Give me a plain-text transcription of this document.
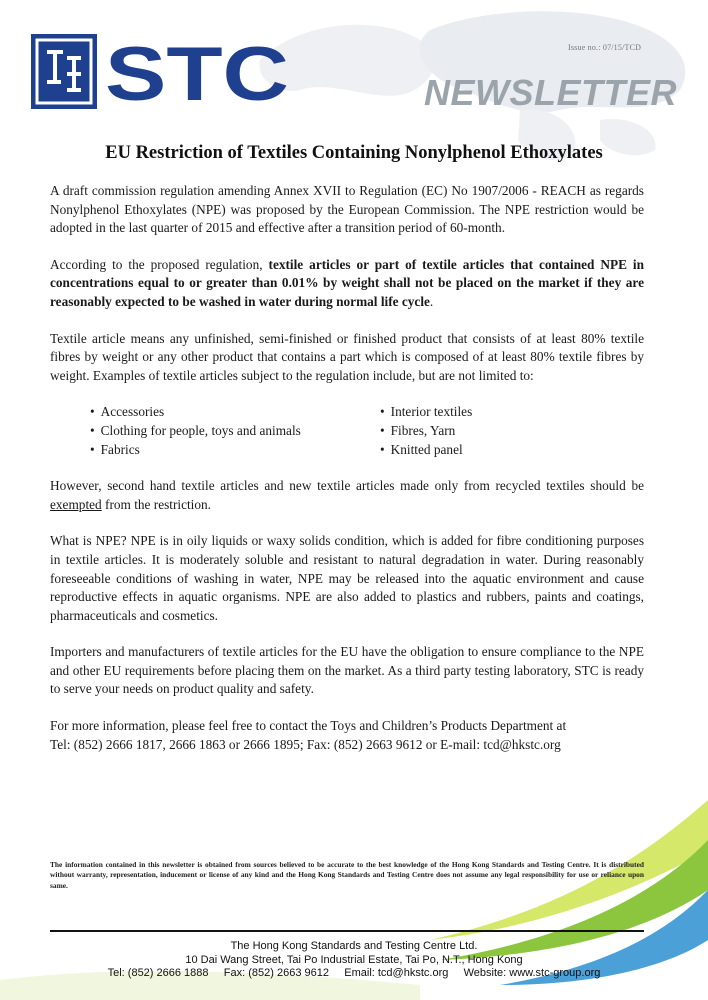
STC	Issue no.: 07/15/TCD
NEWSLETTER
EU Restriction of Textiles Containing Nonylphenol Ethoxylates

A draft commission regulation amending Annex XVII to Regulation (EC) No 1907/2006 - REACH as regards Nonylphenol Ethoxylates (NPE) was proposed by the European Commission. The NPE restriction would be adopted in the last quarter of 2015 and effective after a transition period of 60-month.

According to the proposed regulation, textile articles or part of textile articles that contained NPE in concentrations equal to or greater than 0.01% by weight shall not be placed on the market if they are reasonably expected to be washed in water during normal life cycle.

Textile article means any unfinished, semi-finished or finished product that consists of at least 80% textile fibres by weight or any other product that contains a part which is composed of at least 80% textile fibres by weight. Examples of textile articles subject to the regulation include, but are not limited to:

• Accessories
• Clothing for people, toys and animals
• Fabrics
• Interior textiles
• Fibres, Yarn
• Knitted panel

However, second hand textile articles and new textile articles made only from recycled textiles should be exempted from the restriction.

What is NPE? NPE is in oily liquids or waxy solids condition, which is added for fibre conditioning purposes in textile articles. It is moderately soluble and resistant to natural degradation in water. During reasonably foreseeable conditions of washing in water, NPE may be released into the aquatic environment and cause reproductive effects in aquatic organisms. NPE are also added to plastics and rubbers, paints and coatings, pharmaceuticals and cosmetics.

Importers and manufacturers of textile articles for the EU have the obligation to ensure compliance to the NPE and other EU requirements before placing them on the market. As a third party testing laboratory, STC is ready to serve your needs on product quality and safety.

For more information, please feel free to contact the Toys and Children’s Products Department at
Tel: (852) 2666 1817, 2666 1863 or 2666 1895; Fax: (852) 2663 9612 or E-mail: tcd@hkstc.org
The information contained in this newsletter is obtained from sources believed to be accurate to the best knowledge of the Hong Kong Standards and Testing Centre. It is distributed without warranty, representation, inducement or license of any kind and the Hong Kong Standards and Testing Centre does not assume any legal responsibility for use or reliance upon same.
The Hong Kong Standards and Testing Centre Ltd.
10 Dai Wang Street, Tai Po Industrial Estate, Tai Po, N.T., Hong Kong
Tel: (852) 2666 1888     Fax: (852) 2663 9612     Email: tcd@hkstc.org     Website: www.stc-group.org
